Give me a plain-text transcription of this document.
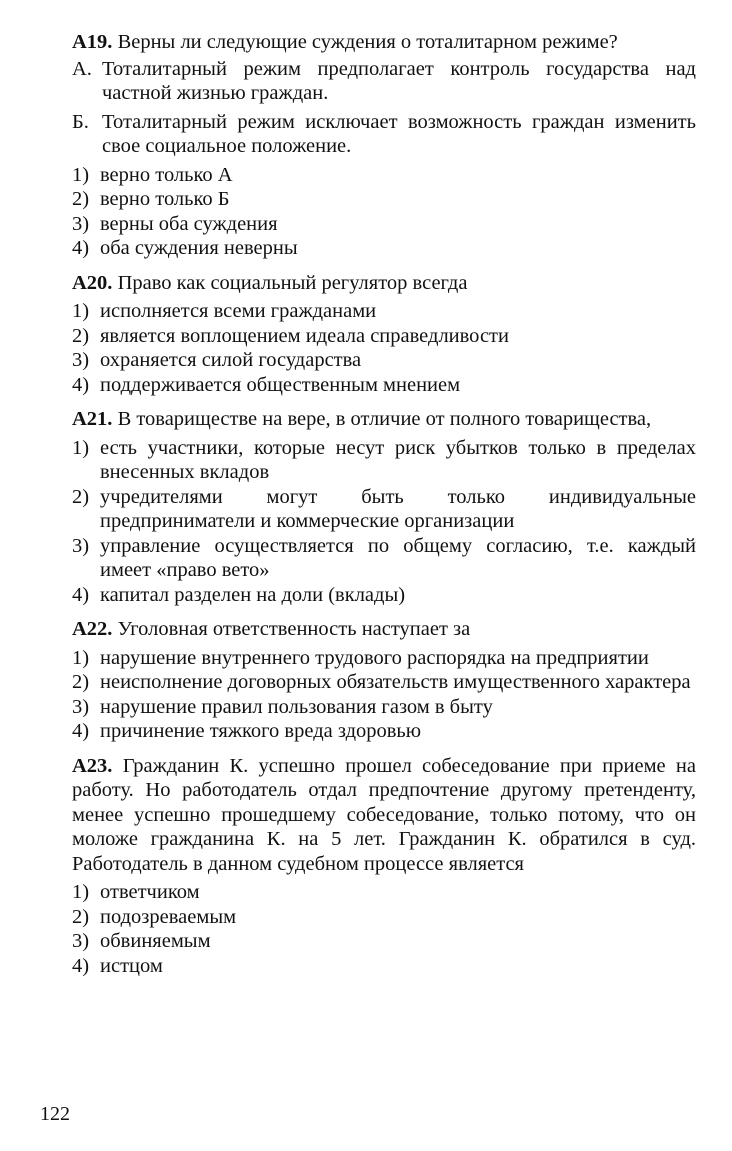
А19. Верны ли следующие суждения о тоталитарном режиме?
А. Тоталитарный режим предполагает контроль государства над частной жизнью граждан.
Б. Тоталитарный режим исключает возможность граждан изменить свое социальное положение.
1) верно только А
2) верно только Б
3) верны оба суждения
4) оба суждения неверны
А20. Право как социальный регулятор всегда
1) исполняется всеми гражданами
2) является воплощением идеала справедливости
3) охраняется силой государства
4) поддерживается общественным мнением
А21. В товариществе на вере, в отличие от полного товарищества,
1) есть участники, которые несут риск убытков только в пределах внесенных вкладов
2) учредителями могут быть только индивидуальные предприниматели и коммерческие организации
3) управление осуществляется по общему согласию, т.е. каждый имеет «право вето»
4) капитал разделен на доли (вклады)
А22. Уголовная ответственность наступает за
1) нарушение внутреннего трудового распорядка на предприятии
2) неисполнение договорных обязательств имущественного характера
3) нарушение правил пользования газом в быту
4) причинение тяжкого вреда здоровью
А23. Гражданин К. успешно прошел собеседование при приеме на работу. Но работодатель отдал предпочтение другому претенденту, менее успешно прошедшему собеседование, только потому, что он моложе гражданина К. на 5 лет. Гражданин К. обратился в суд. Работодатель в данном судебном процессе является
1) ответчиком
2) подозреваемым
3) обвиняемым
4) истцом
122
